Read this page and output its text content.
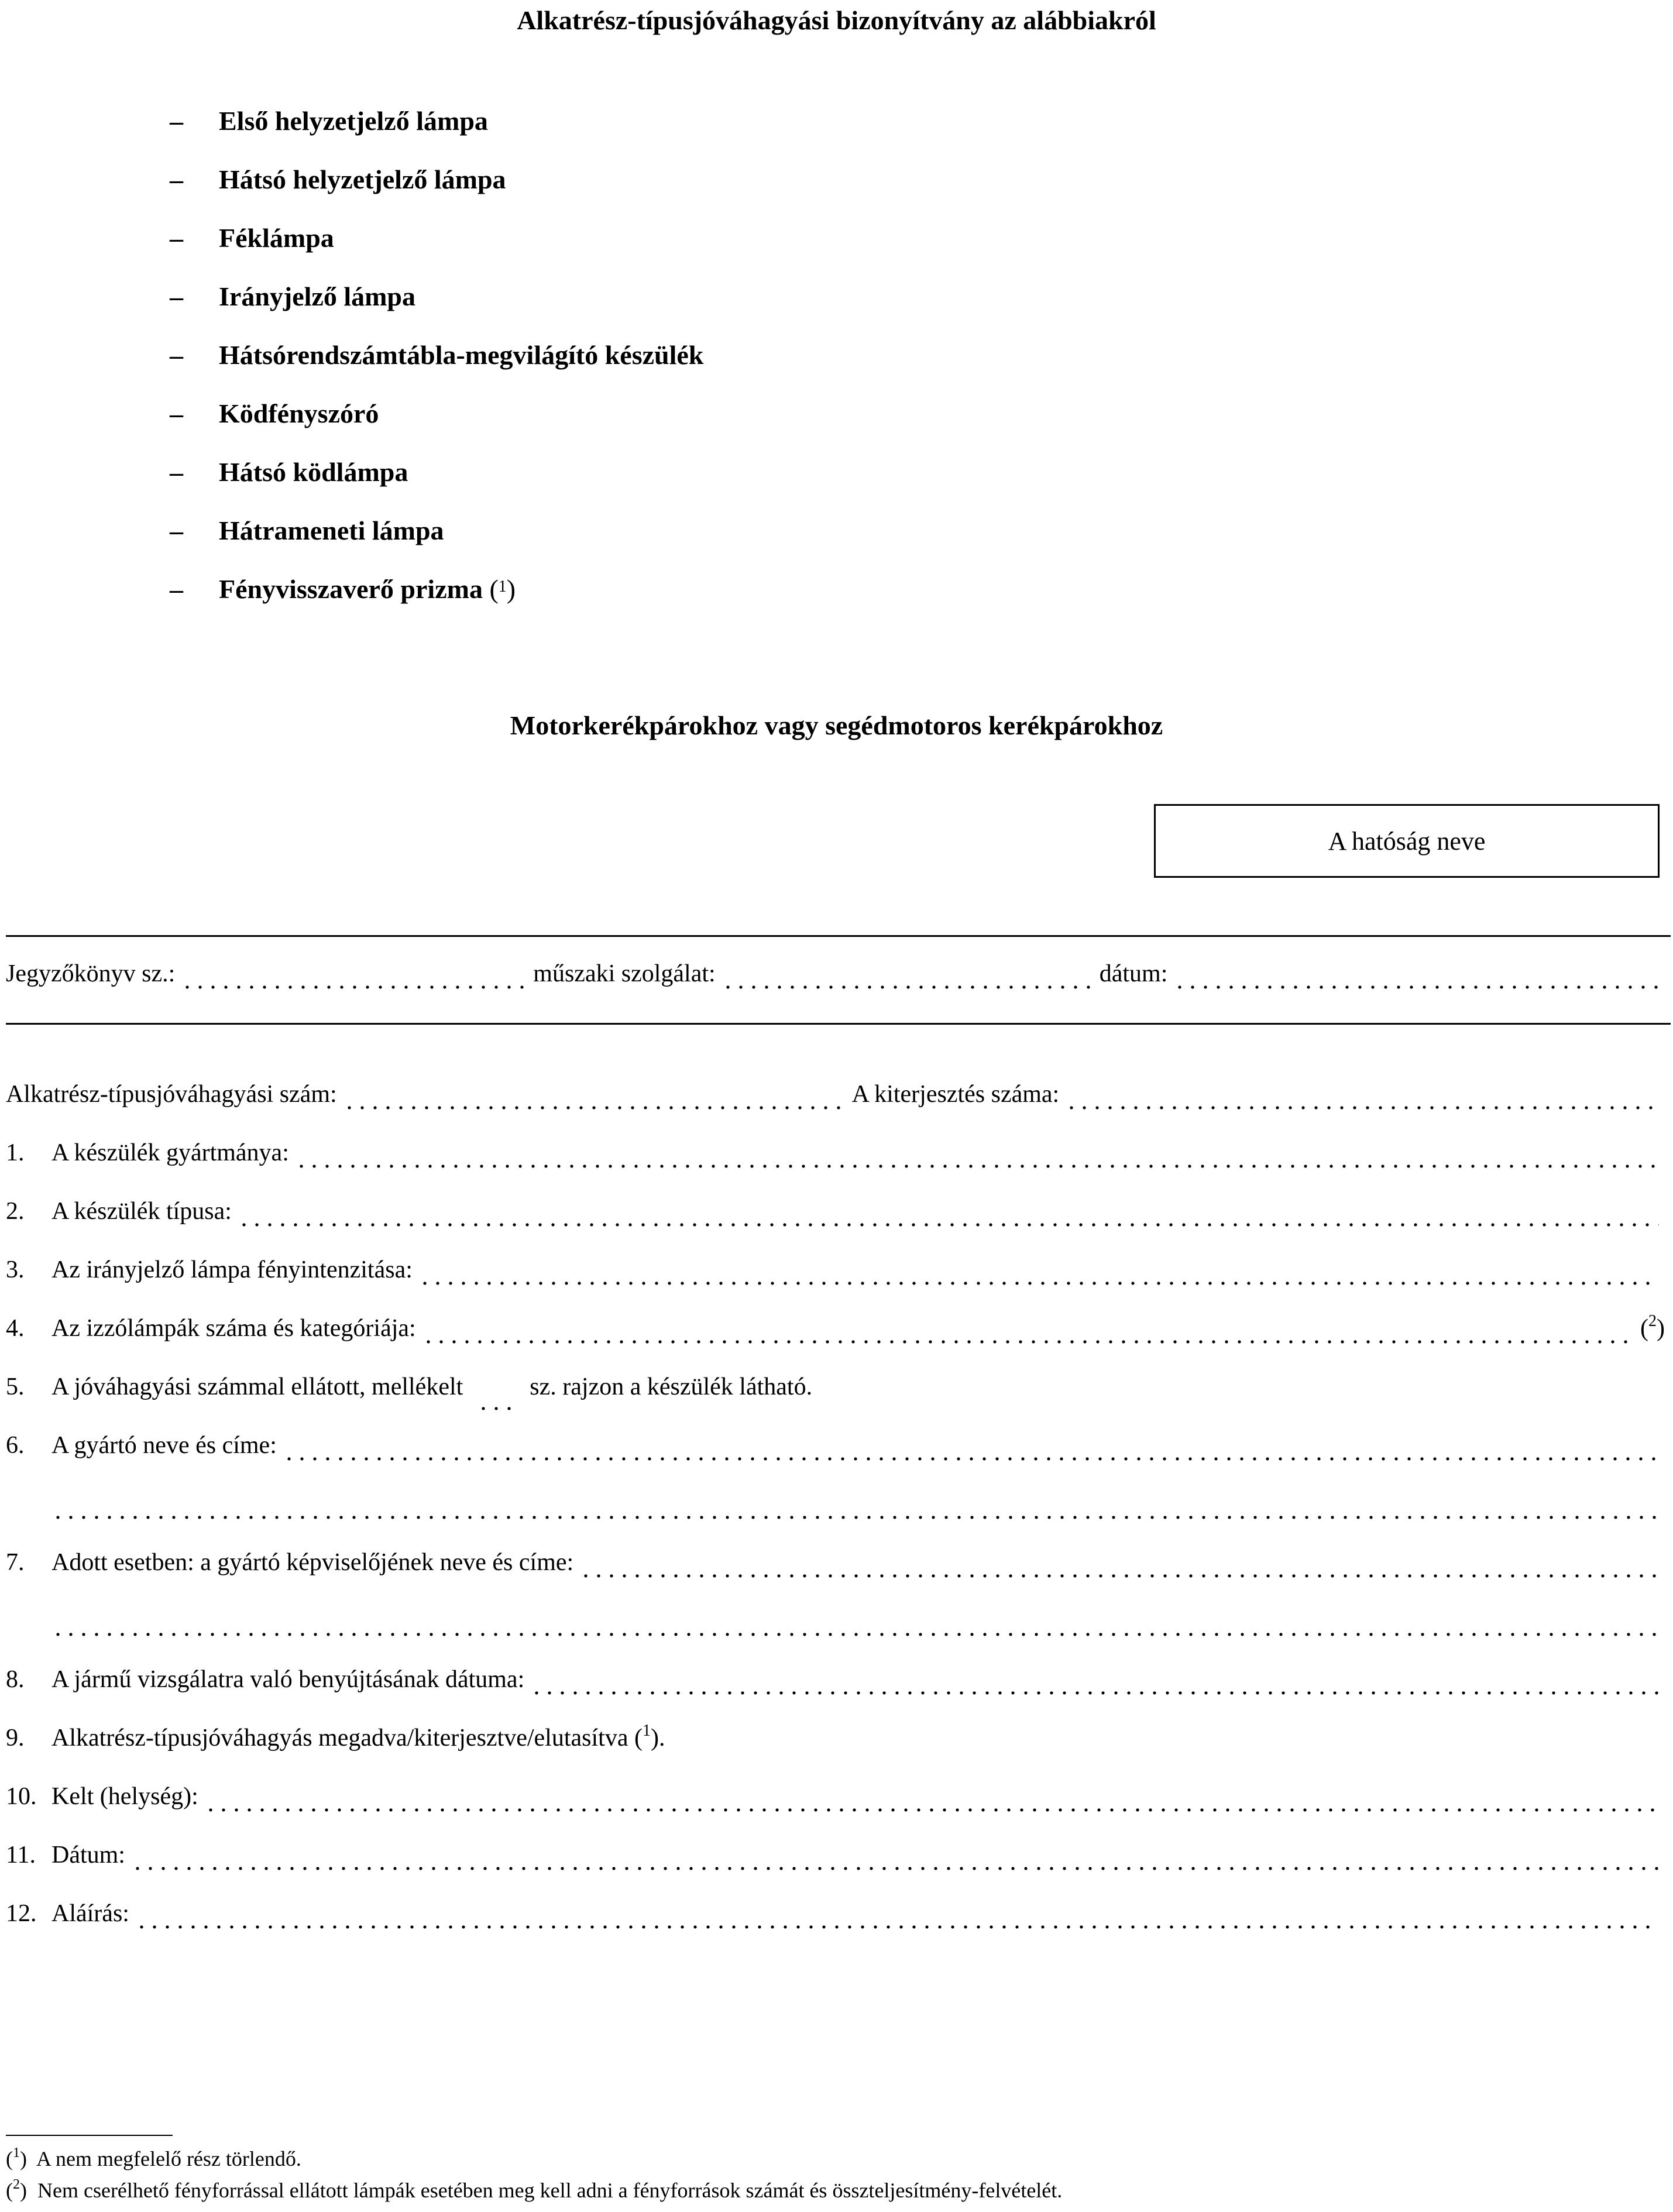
Alkatrész-típusjóváhagyási bizonyítvány az alábbiakról
– Első helyzetjelző lámpa
– Hátsó helyzetjelző lámpa
– Féklámpa
– Irányjelző lámpa
– Hátsórendszámtábla-megvilágító készülék
– Ködfényszóró
– Hátsó ködlámpa
– Hátrameneti lámpa
– Fényvisszaverő prizma ($^1$)
Motorkerékpárokhoz vagy segédmotoros kerékpárokhoz
A hatóság neve
Jegyzőkönyv sz.:	műszaki szolgálat:	dátum:
Alkatrész-típusjóváhagyási szám:	A kiterjesztés száma:
1.	A készülék gyártmánya:
2.	A készülék típusa:
3.	Az irányjelző lámpa fényintenzitása:
4.	Az izzólámpák száma és kategóriája:	($^2$)
5.	A jóváhagyási számmal ellátott, mellékelt	sz. rajzon a készülék látható.
6.	A gyártó neve és címe:
7.	Adott esetben: a gyártó képviselőjének neve és címe:
8.	A jármű vizsgálatra való benyújtásának dátuma:
9.	Alkatrész-típusjóváhagyás megadva/kiterjesztve/elutasítva ($^1$).
10. Kelt (helység):
11. Dátum:
12. Aláírás:
($^1$)  A nem megfelelő rész törlendő.
($^2$)  Nem cserélhető fényforrással ellátott lámpák esetében meg kell adni a fényforrások számát és összteljesítmény-felvételét.
